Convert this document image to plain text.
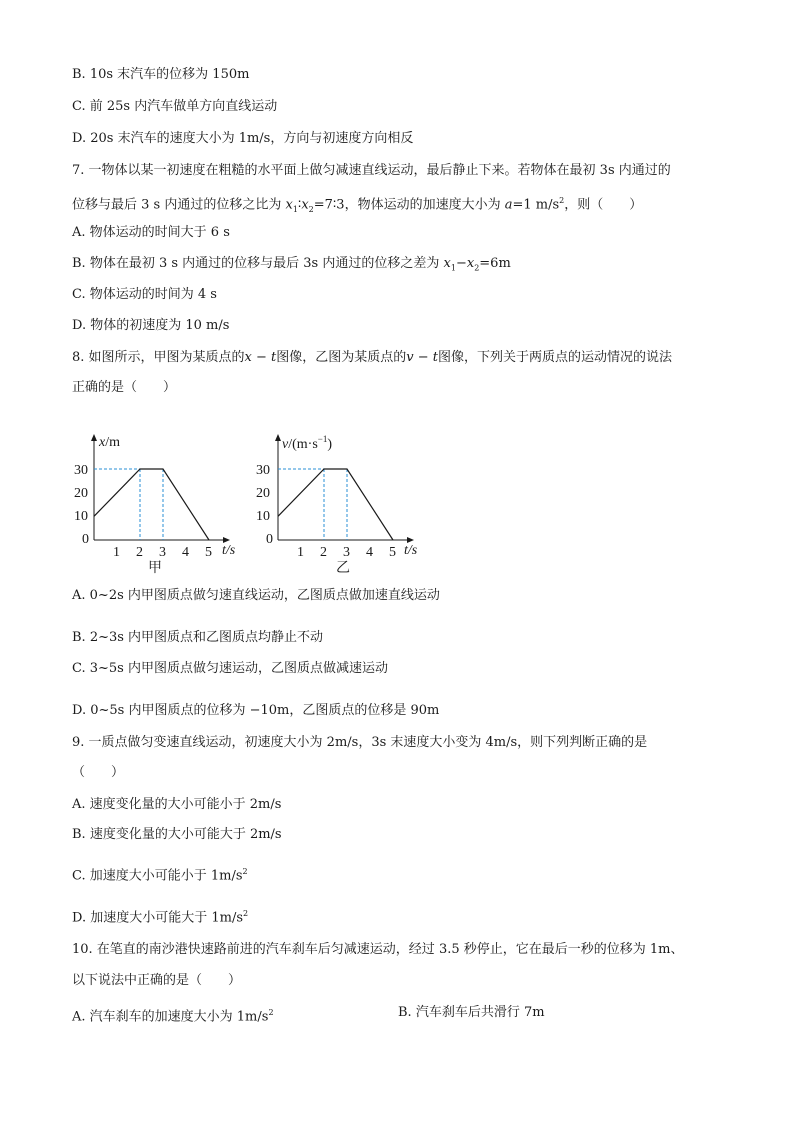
B. 10s 末汽车的位移为 150m
C. 前 25s 内汽车做单方向直线运动
D. 20s 末汽车的速度大小为 1m/s，方向与初速度方向相反
7. 一物体以某一初速度在粗糙的水平面上做匀减速直线运动，最后静止下来。若物体在最初 3s 内通过的
位移与最后 3 s 内通过的位移之比为 $x_1∶x_2=7∶3$，物体运动的加速度大小为 a=1 $m/s^2$，则（　　）
A. 物体运动的时间大于 6 s
B. 物体在最初 3 s 内通过的位移与最后 3s 内通过的位移之差为 $x_1-x_2=6m$
C. 物体运动的时间为 4 s
D. 物体的初速度为 10 m/s
8. 如图所示，甲图为某质点的x − t图像，乙图为某质点的v − t图像，下列关于两质点的运动情况的说法
正确的是（　　）
x/m
t/s
30
20
10
0
1 2 3 4 5
甲
$v/(m\cdot s^{-1})$
t/s
30
20
10
0
1 2 3 4 5
乙
A. 0~2s 内甲图质点做匀速直线运动，乙图质点做加速直线运动
B. 2~3s 内甲图质点和乙图质点均静止不动
C. 3~5s 内甲图质点做匀速运动，乙图质点做减速运动
D. 0~5s 内甲图质点的位移为 −10m，乙图质点的位移是 90m
9. 一质点做匀变速直线运动，初速度大小为 2m/s，3s 末速度大小变为 4m/s，则下列判断正确的是
（　　）
A. 速度变化量的大小可能小于 2m/s
B. 速度变化量的大小可能大于 2m/s
C. 加速度大小可能小于 $1m/s^2$
D. 加速度大小可能大于 $1m/s^2$
10. 在笔直的南沙港快速路前进的汽车刹车后匀减速运动，经过 3.5 秒停止，它在最后一秒的位移为 1m、
以下说法中正确的是（　　）
A. 汽车刹车的加速度大小为 $1m/s^2$	B. 汽车刹车后共滑行 7m
